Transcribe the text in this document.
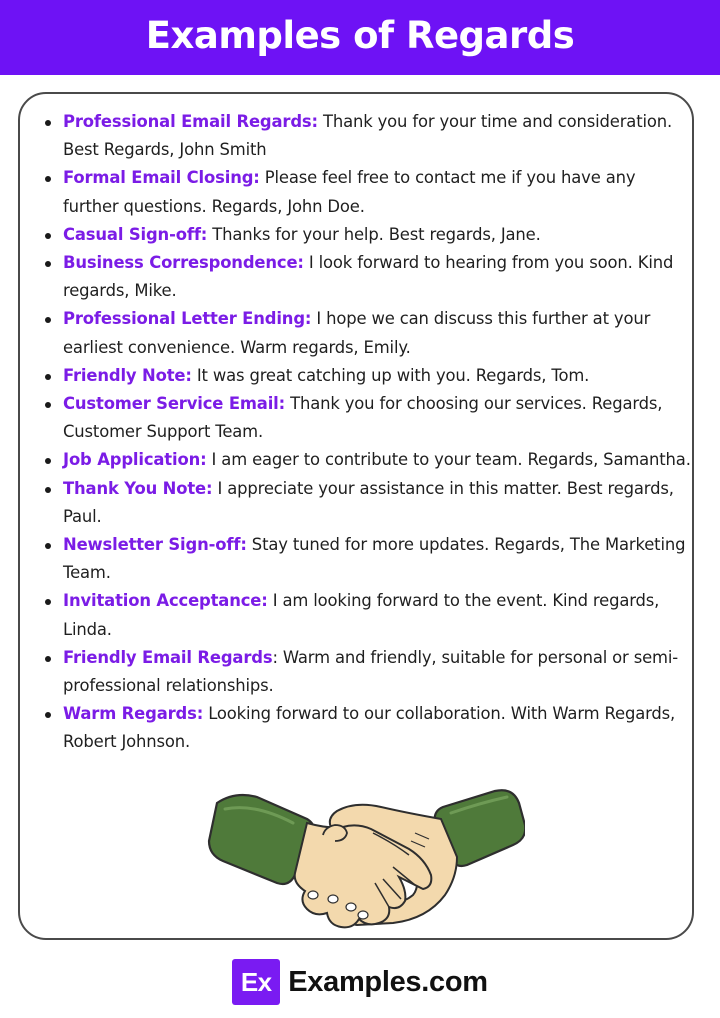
Examples of Regards
Professional Email Regards: Thank you for your time and consideration. Best Regards, John Smith
Formal Email Closing: Please feel free to contact me if you have any further questions. Regards, John Doe.
Casual Sign-off: Thanks for your help. Best regards, Jane.
Business Correspondence: I look forward to hearing from you soon. Kind regards, Mike.
Professional Letter Ending: I hope we can discuss this further at your earliest convenience. Warm regards, Emily.
Friendly Note: It was great catching up with you. Regards, Tom.
Customer Service Email: Thank you for choosing our services. Regards, Customer Support Team.
Job Application: I am eager to contribute to your team. Regards, Samantha.
Thank You Note: I appreciate your assistance in this matter. Best regards, Paul.
Newsletter Sign-off: Stay tuned for more updates. Regards, The Marketing Team.
Invitation Acceptance: I am looking forward to the event. Kind regards, Linda.
Friendly Email Regards: Warm and friendly, suitable for personal or semi-professional relationships.
Warm Regards: Looking forward to our collaboration. With Warm Regards, Robert Johnson.
Ex Examples.com
